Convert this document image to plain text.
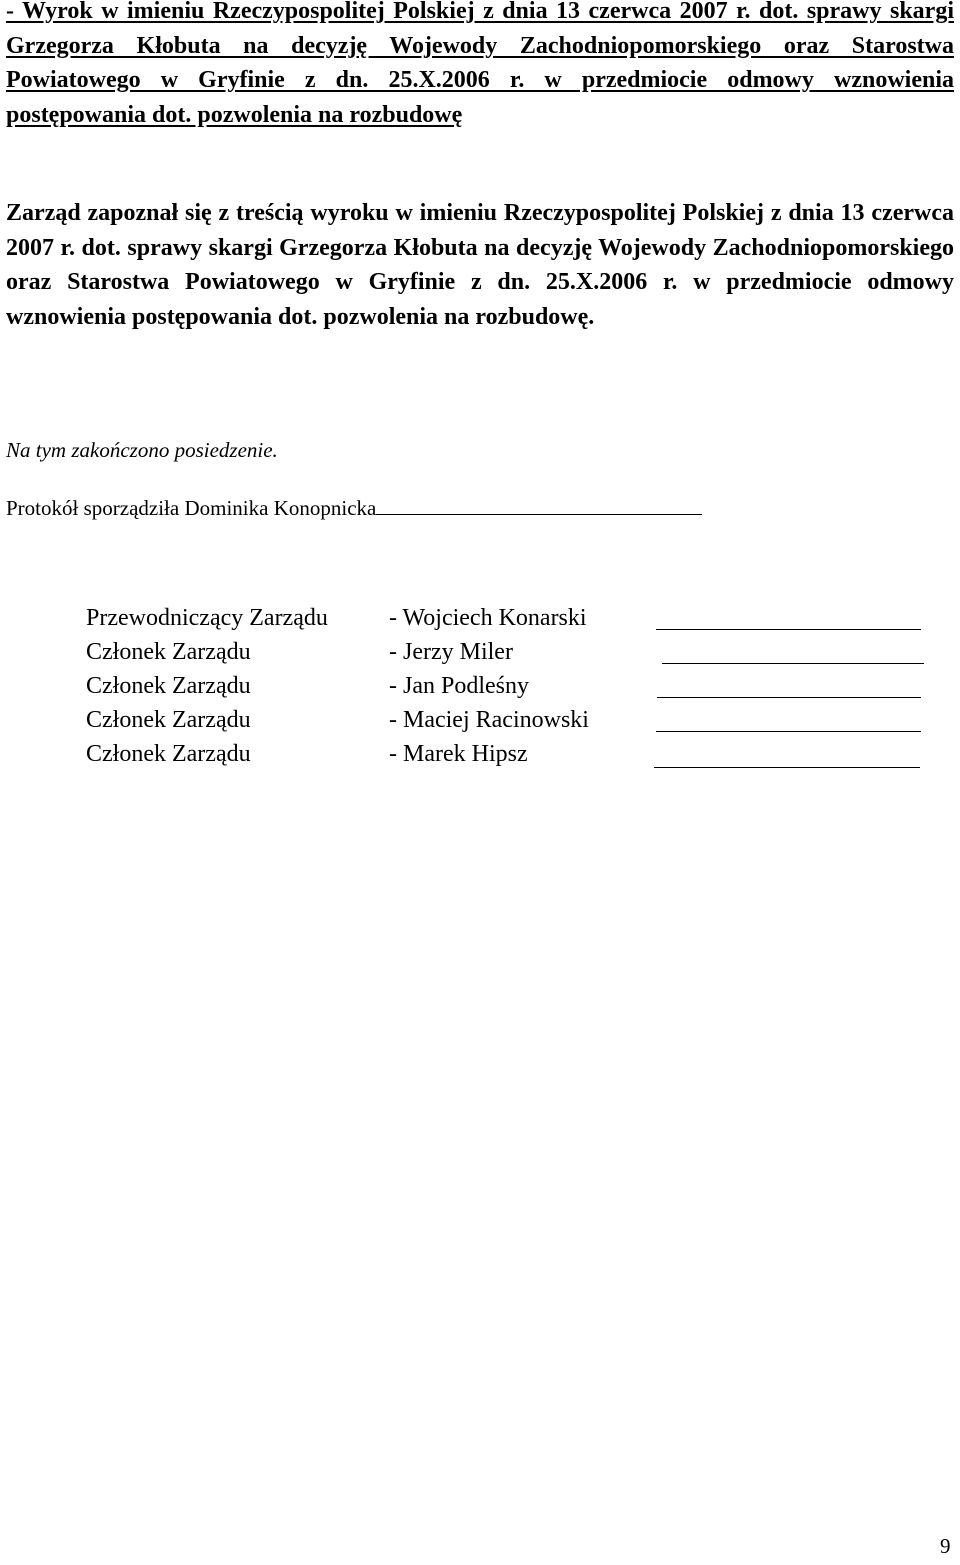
- Wyrok w imieniu Rzeczypospolitej Polskiej z dnia 13 czerwca 2007 r. dot. sprawy skargi Grzegorza Kłobuta na decyzję Wojewody Zachodniopomorskiego oraz Starostwa Powiatowego w Gryfinie z dn. 25.X.2006 r. w przedmiocie odmowy wznowienia postępowania dot. pozwolenia na rozbudowę

Zarząd zapoznał się z treścią wyroku w imieniu Rzeczypospolitej Polskiej z dnia 13 czerwca 2007 r. dot. sprawy skargi Grzegorza Kłobuta na decyzję Wojewody Zachodniopomorskiego oraz Starostwa Powiatowego w Gryfinie z dn. 25.X.2006 r. w przedmiocie odmowy wznowienia postępowania dot. pozwolenia na rozbudowę.

Na tym zakończono posiedzenie.

Protokół sporządziła Dominika Konopnicka

Przewodniczący Zarządu	- Wojciech Konarski
Członek Zarządu	- Jerzy Miler
Członek Zarządu	- Jan Podleśny
Członek Zarządu	- Maciej Racinowski
Członek Zarządu	- Marek Hipsz
9
